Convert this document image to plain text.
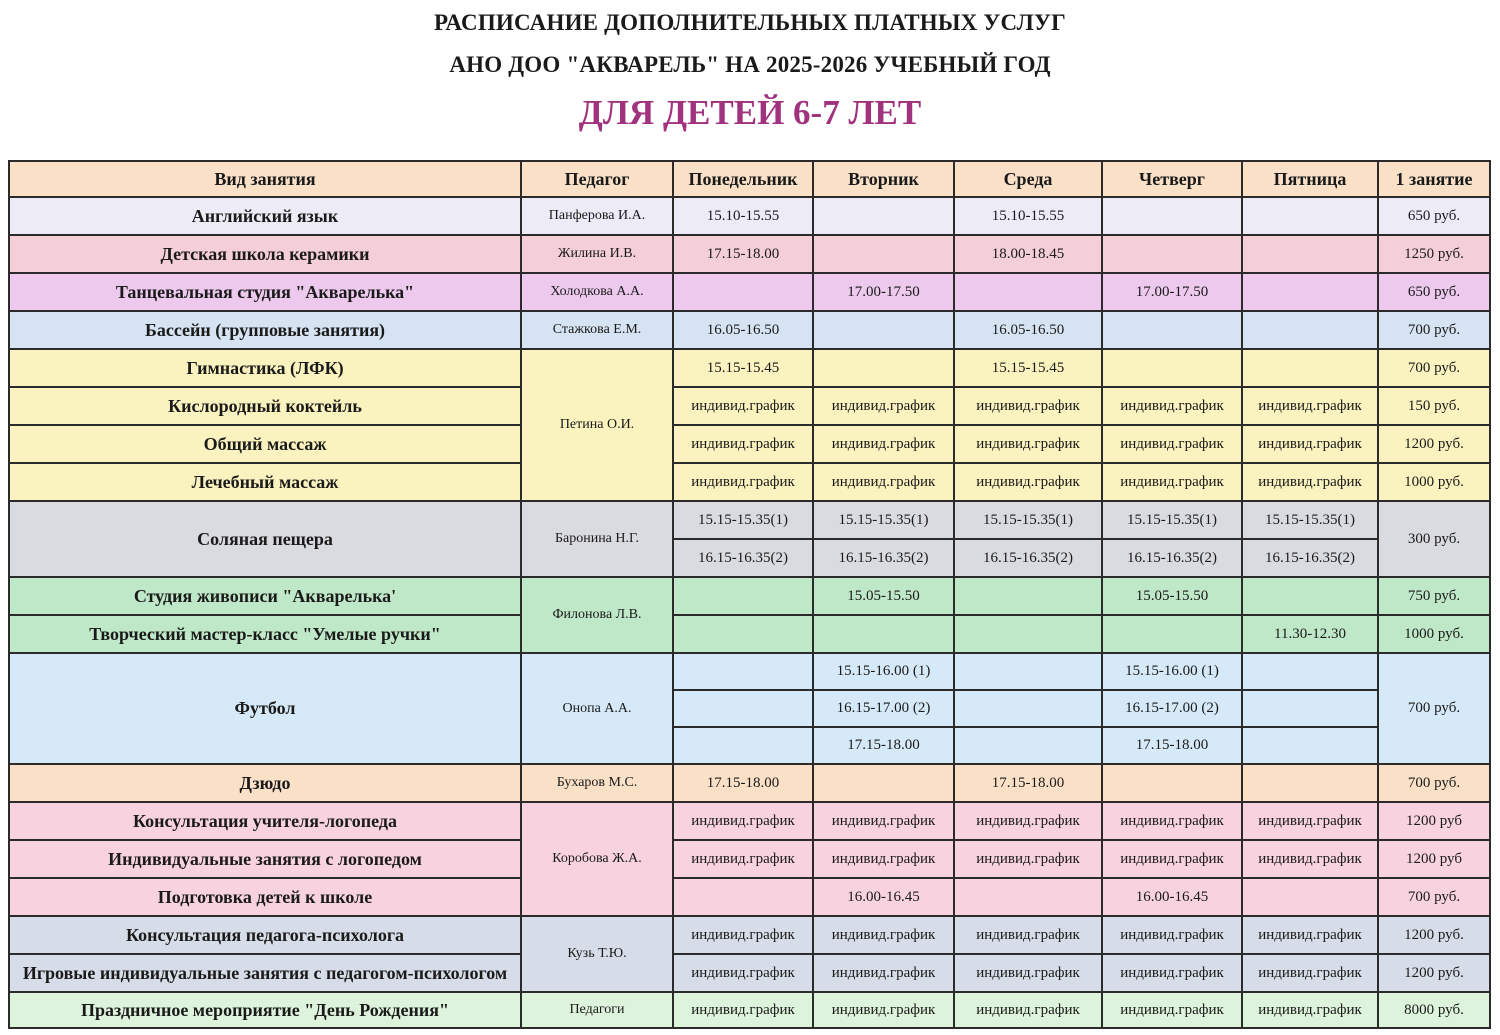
РАСПИСАНИЕ ДОПОЛНИТЕЛЬНЫХ ПЛАТНЫХ УСЛУГ
АНО ДОО "АКВАРЕЛЬ" НА 2025-2026 УЧЕБНЫЙ ГОД
ДЛЯ ДЕТЕЙ 6-7 ЛЕТ
Вид занятия	Педагог	Понедельник	Вторник	Среда	Четверг	Пятница	1 занятие
Английский язык	Панферова И.А.	15.10-15.55		15.10-15.55			650 руб.
Детская школа керамики	Жилина И.В.	17.15-18.00		18.00-18.45			1250 руб.
Танцевальная студия "Акварелька"	Холодкова А.А.		17.00-17.50		17.00-17.50		650 руб.
Бассейн (групповые занятия)	Стажкова Е.М.	16.05-16.50		16.05-16.50			700 руб.
Гимнастика (ЛФК)	Петина О.И.	15.15-15.45		15.15-15.45			700 руб.
Кислородный коктейль		индивид.график	индивид.график	индивид.график	индивид.график	индивид.график	150 руб.
Общий массаж		индивид.график	индивид.график	индивид.график	индивид.график	индивид.график	1200 руб.
Лечебный массаж		индивид.график	индивид.график	индивид.график	индивид.график	индивид.график	1000 руб.
Соляная пещера	Баронина Н.Г.	15.15-15.35(1)	15.15-15.35(1)	15.15-15.35(1)	15.15-15.35(1)	15.15-15.35(1)	300 руб.
		16.15-16.35(2)	16.15-16.35(2)	16.15-16.35(2)	16.15-16.35(2)	16.15-16.35(2)	
Студия живописи "Акварелька'	Филонова Л.В.		15.05-15.50		15.05-15.50		750 руб.
Творческий мастер-класс "Умелые ручки"						11.30-12.30	1000 руб.
Футбол	Онопа А.А.		15.15-16.00 (1)		15.15-16.00 (1)		700 руб.
			16.15-17.00 (2)		16.15-17.00 (2)		
			17.15-18.00		17.15-18.00		
Дзюдо	Бухаров М.С.	17.15-18.00		17.15-18.00			700 руб.
Консультация учителя-логопеда	Коробова Ж.А.	индивид.график	индивид.график	индивид.график	индивид.график	индивид.график	1200 руб
Индивидуальные занятия с логопедом		индивид.график	индивид.график	индивид.график	индивид.график	индивид.график	1200 руб
Подготовка детей к школе			16.00-16.45		16.00-16.45		700 руб.
Консультация педагога-психолога	Кузь Т.Ю.	индивид.график	индивид.график	индивид.график	индивид.график	индивид.график	1200 руб.
Игровые индивидуальные занятия с педагогом-психологом		индивид.график	индивид.график	индивид.график	индивид.график	индивид.график	1200 руб.
Праздничное мероприятие "День Рождения"	Педагоги	индивид.график	индивид.график	индивид.график	индивид.график	индивид.график	8000 руб.
